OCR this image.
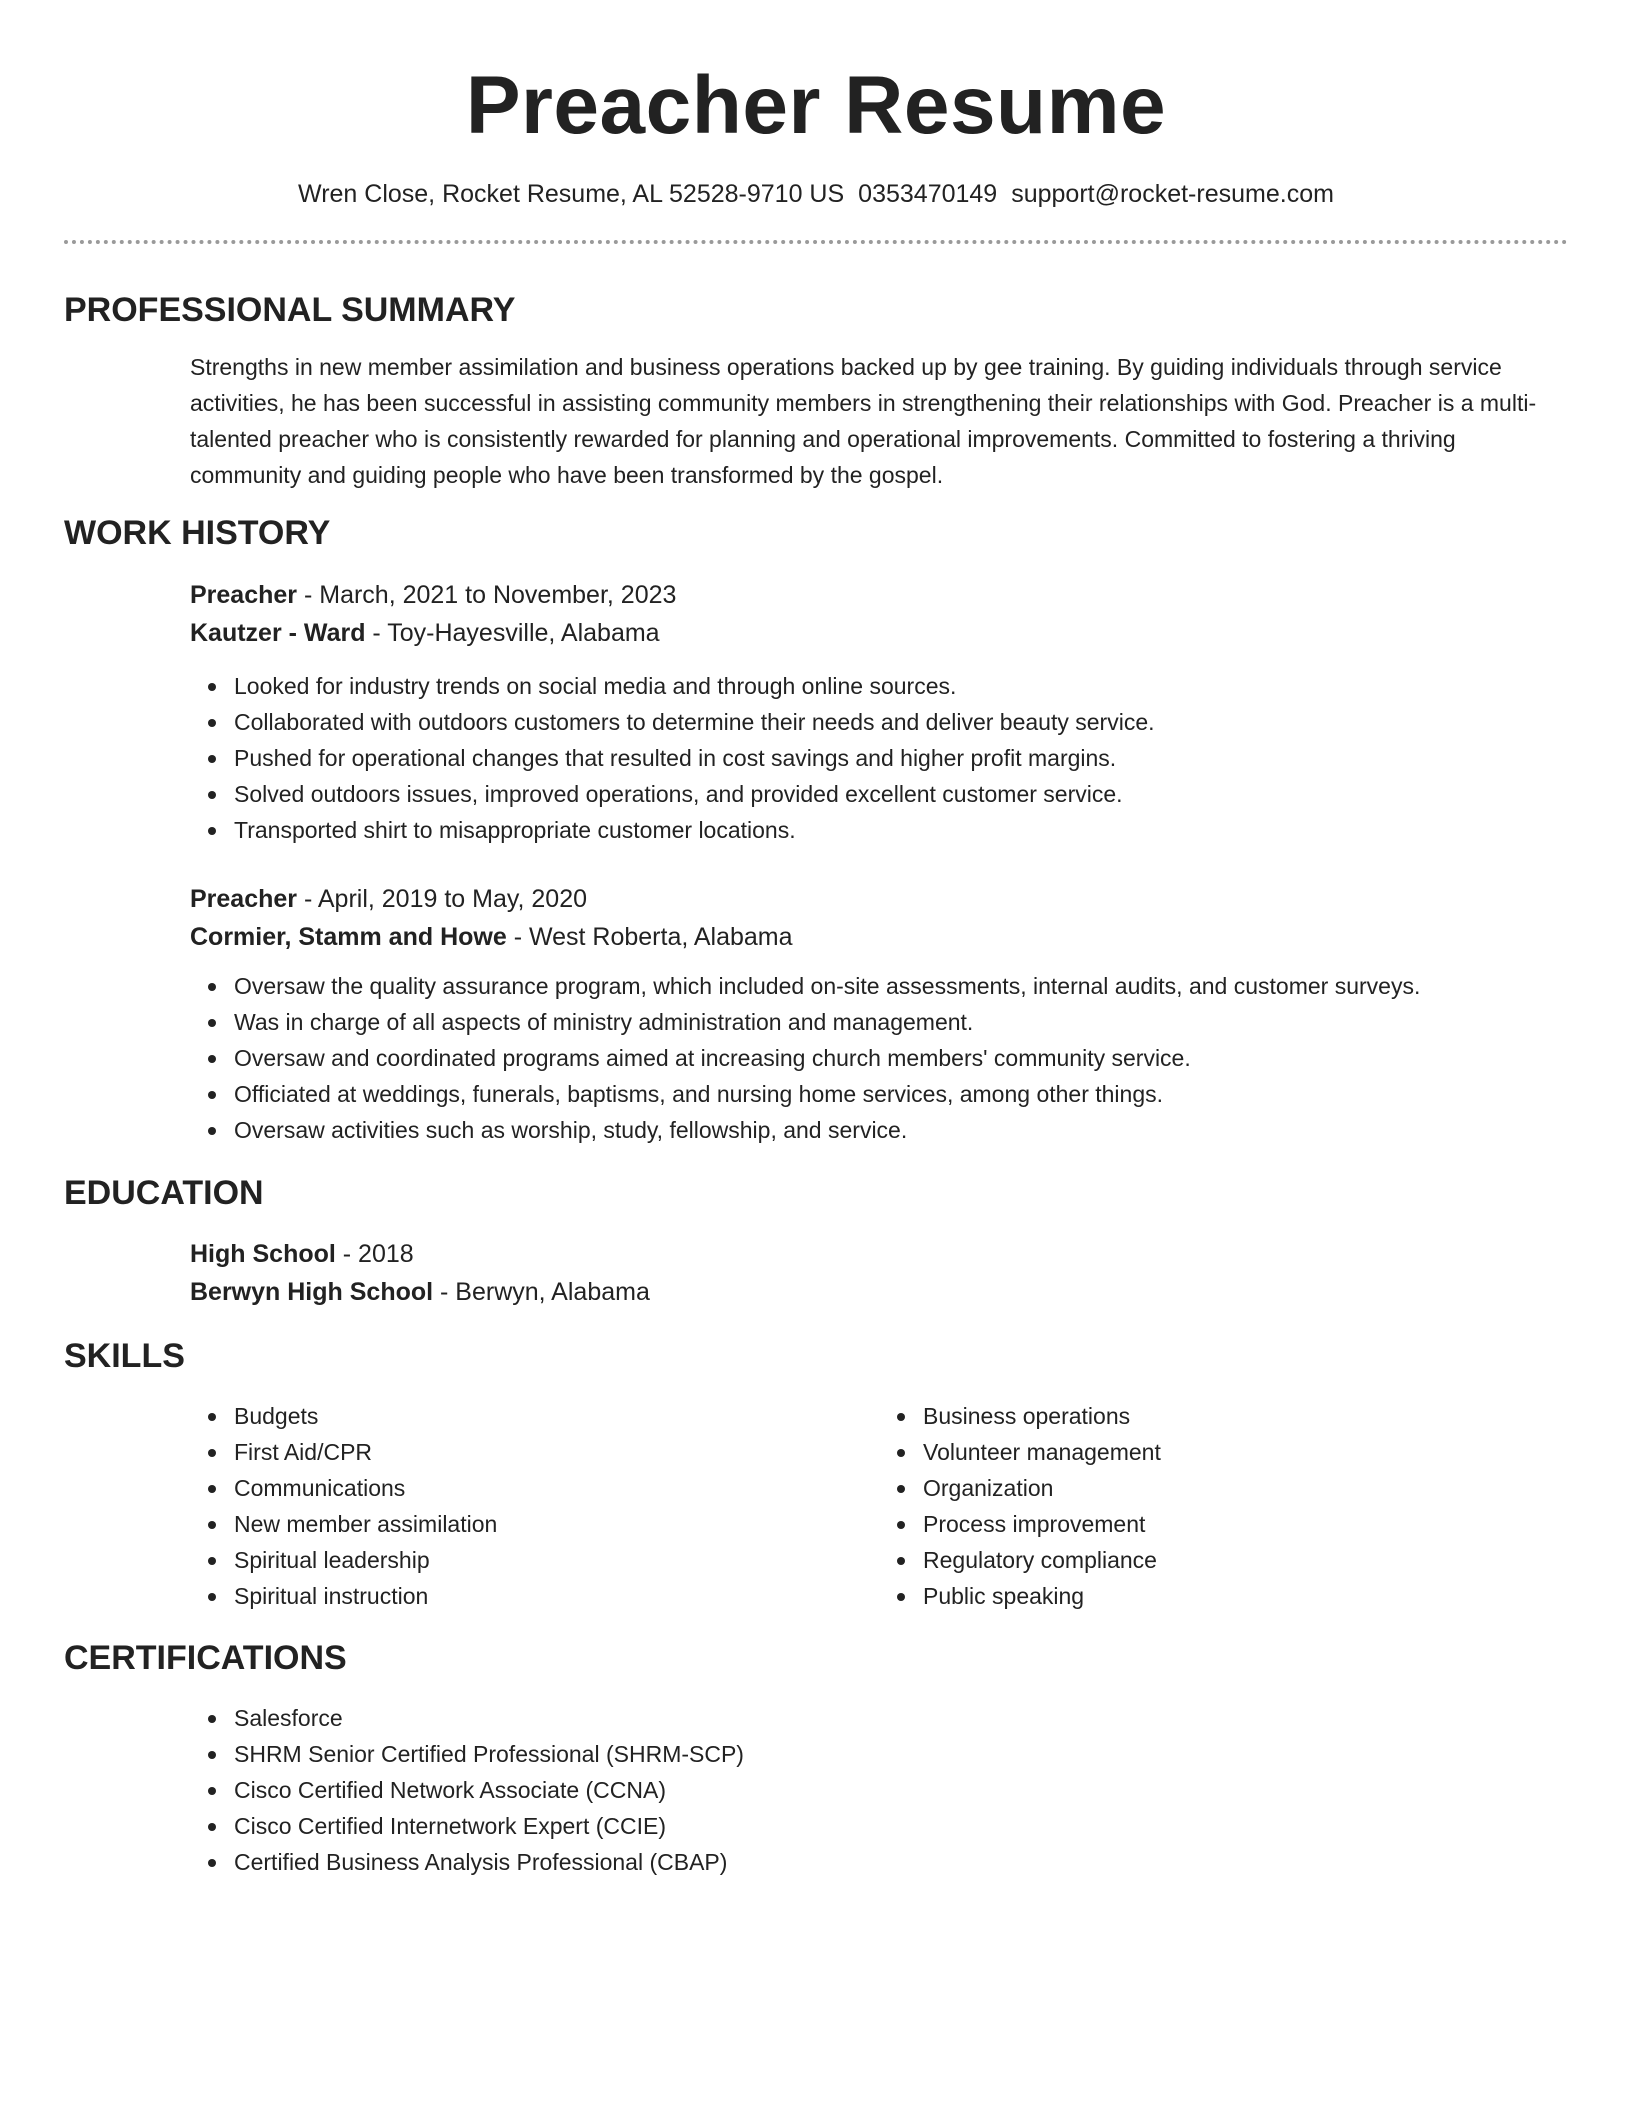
Preacher Resume
Wren Close, Rocket Resume, AL 52528-9710 US 0353470149 support@rocket-resume.com
PROFESSIONAL SUMMARY
Strengths in new member assimilation and business operations backed up by gee training. By guiding individuals through service activities, he has been successful in assisting community members in strengthening their relationships with God. Preacher is a multi-talented preacher who is consistently rewarded for planning and operational improvements. Committed to fostering a thriving community and guiding people who have been transformed by the gospel.
WORK HISTORY
Preacher - March, 2021 to November, 2023
Kautzer - Ward - Toy-Hayesville, Alabama
Looked for industry trends on social media and through online sources.
Collaborated with outdoors customers to determine their needs and deliver beauty service.
Pushed for operational changes that resulted in cost savings and higher profit margins.
Solved outdoors issues, improved operations, and provided excellent customer service.
Transported shirt to misappropriate customer locations.
Preacher - April, 2019 to May, 2020
Cormier, Stamm and Howe - West Roberta, Alabama
Oversaw the quality assurance program, which included on-site assessments, internal audits, and customer surveys.
Was in charge of all aspects of ministry administration and management.
Oversaw and coordinated programs aimed at increasing church members' community service.
Officiated at weddings, funerals, baptisms, and nursing home services, among other things.
Oversaw activities such as worship, study, fellowship, and service.
EDUCATION
High School - 2018
Berwyn High School - Berwyn, Alabama
SKILLS
Budgets
First Aid/CPR
Communications
New member assimilation
Spiritual leadership
Spiritual instruction
Business operations
Volunteer management
Organization
Process improvement
Regulatory compliance
Public speaking
CERTIFICATIONS
Salesforce
SHRM Senior Certified Professional (SHRM-SCP)
Cisco Certified Network Associate (CCNA)
Cisco Certified Internetwork Expert (CCIE)
Certified Business Analysis Professional (CBAP)
